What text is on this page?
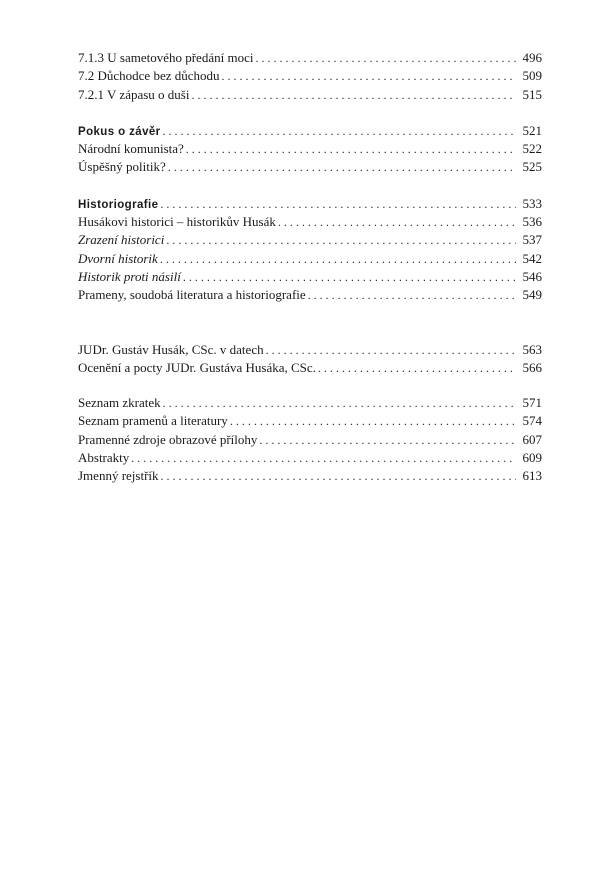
7.1.3 U sametového předání moci . . .	496
7.2 Důchodce bez důchodu . . .	509
7.2.1 V zápasu o duši . . .	515
Pokus o závěr . . .	521
Národní komunista? . . .	522
Úspěšný politik? . . .	525
Historiografie . . .	533
Husákovi historici – historikův Husák . . .	536
Zrazení historici . . .	537
Dvorní historik . . .	542
Historik proti násilí . . .	546
Prameny, soudobá literatura a historiografie . . .	549
JUDr. Gustáv Husák, CSc. v datech . . .	563
Ocenění a pocty JUDr. Gustáva Husáka, CSc. . . .	566
Seznam zkratek . . .	571
Seznam pramenů a literatury . . .	574
Pramenné zdroje obrazové přílohy . . .	607
Abstrakty . . .	609
Jmenný rejstřík . . .	613
